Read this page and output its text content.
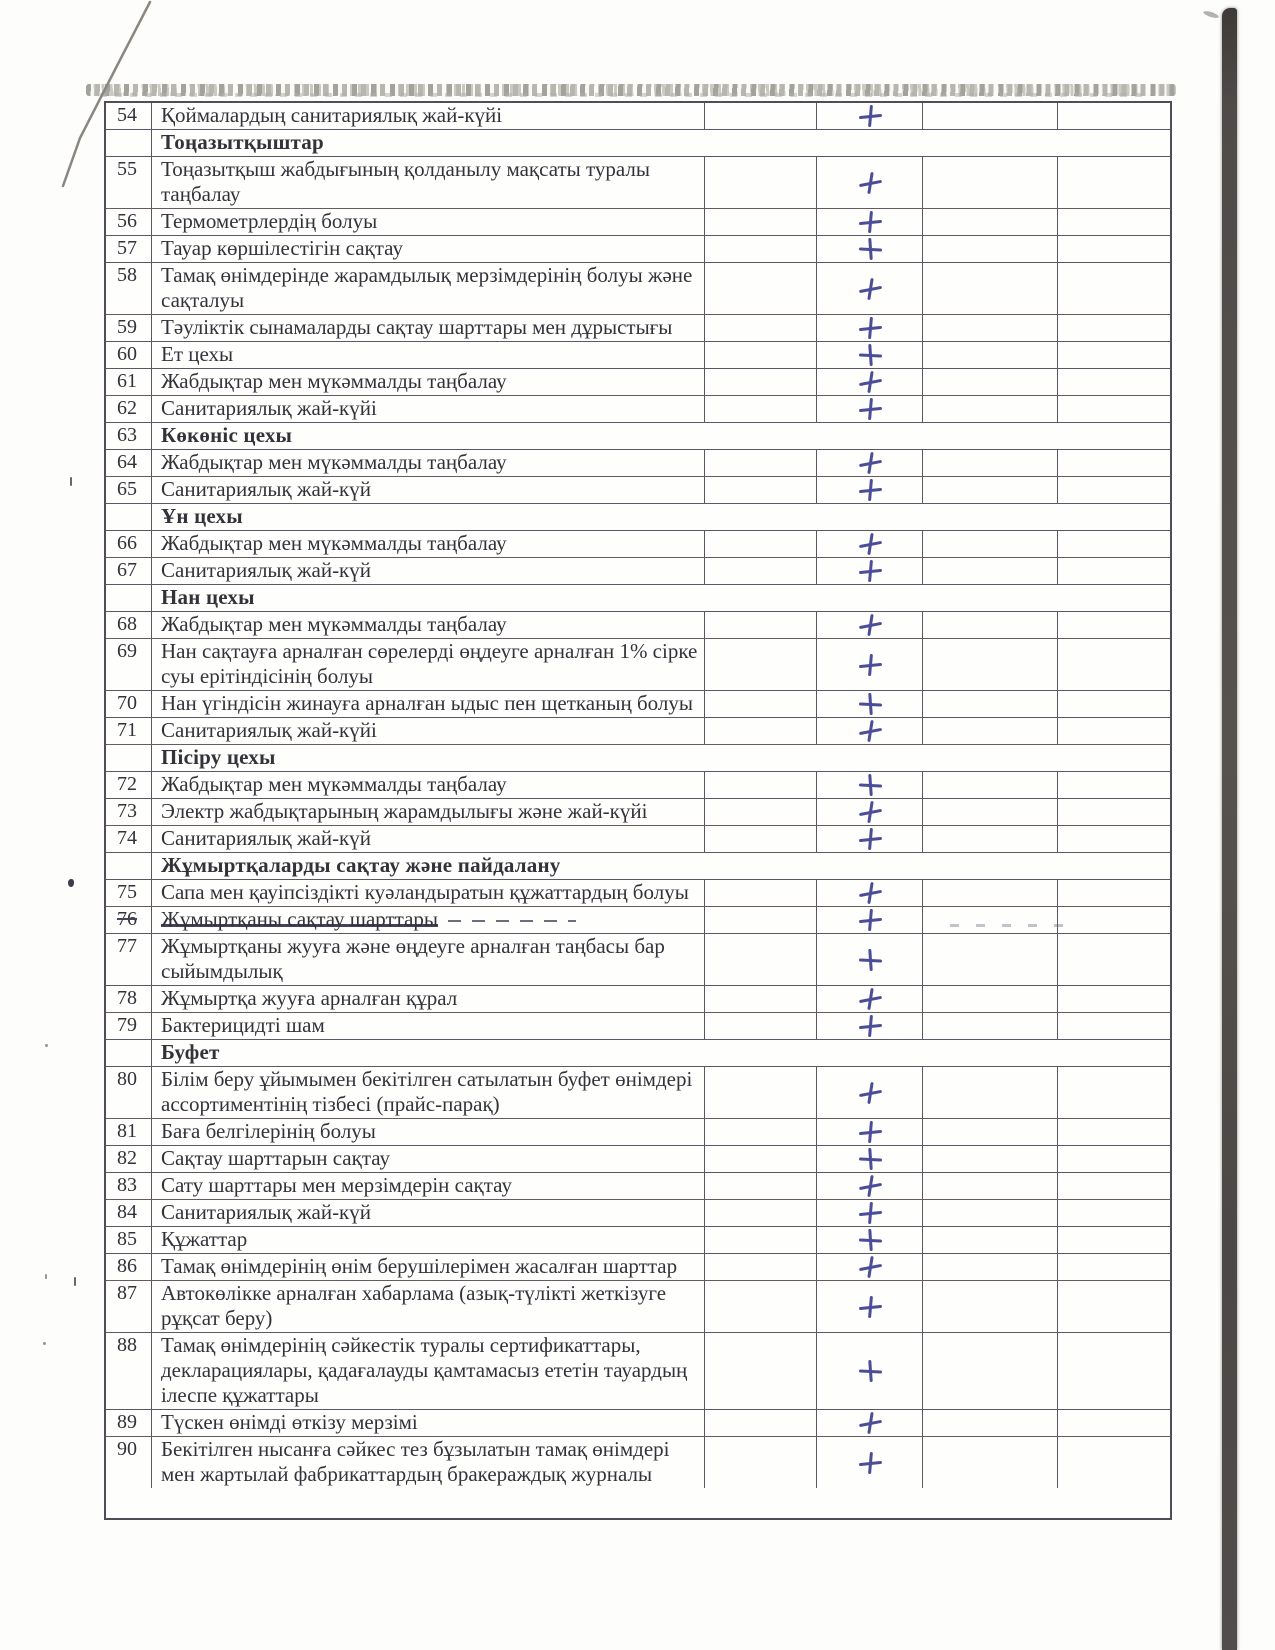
54	Қоймалардың санитариялық жай-күйі
Тоңазытқыштар
55	Тоңазытқыш жабдығының қолданылу мақсаты туралы таңбалау
56	Термометрлердің болуы
57	Тауар көршілестігін сақтау
58	Тамақ өнімдерінде жарамдылық мерзімдерінің болуы және сақталуы
59	Тәуліктік сынамаларды сақтау шарттары мен дұрыстығы
60	Ет цехы
61	Жабдықтар мен мүкәммалды таңбалау
62	Санитариялық жай-күйі
63	Көкөніс цехы
64	Жабдықтар мен мүкәммалды таңбалау
65	Санитариялық жай-күй
Ұн цехы
66	Жабдықтар мен мүкәммалды таңбалау
67	Санитариялық жай-күй
Нан цехы
68	Жабдықтар мен мүкәммалды таңбалау
69	Нан сақтауға арналған сөрелерді өңдеуге арналған 1% сірке суы ерітіндісінің болуы
70	Нан үгіндісін жинауға арналған ыдыс пен щетканың болуы
71	Санитариялық жай-күйі
Пісіру цехы
72	Жабдықтар мен мүкәммалды таңбалау
73	Электр жабдықтарының жарамдылығы және жай-күйі
74	Санитариялық жай-күй
Жұмыртқаларды сақтау және пайдалану
75	Сапа мен қауіпсіздікті куәландыратын құжаттардың болуы
76	Жұмыртқаны сақтау шарттары
77	Жұмыртқаны жууға және өңдеуге арналған таңбасы бар сыйымдылық
78	Жұмыртқа жууға арналған құрал
79	Бактерицидті шам
Буфет
80	Білім беру ұйымымен бекітілген сатылатын буфет өнімдері ассортиментінің тізбесі (прайс-парақ)
81	Баға белгілерінің болуы
82	Сақтау шарттарын сақтау
83	Сату шарттары мен мерзімдерін сақтау
84	Санитариялық жай-күй
85	Құжаттар
86	Тамақ өнімдерінің өнім берушілерімен жасалған шарттар
87	Автокөлікке арналған хабарлама (азық-түлікті жеткізуге рұқсат беру)
88	Тамақ өнімдерінің сәйкестік туралы сертификаттары, декларациялары, қадағалауды қамтамасыз ететін тауардың ілеспе құжаттары
89	Түскен өнімді өткізу мерзімі
90	Бекітілген нысанға сәйкес тез бұзылатын тамақ өнімдері мен жартылай фабрикаттардың бракераждық журналы
